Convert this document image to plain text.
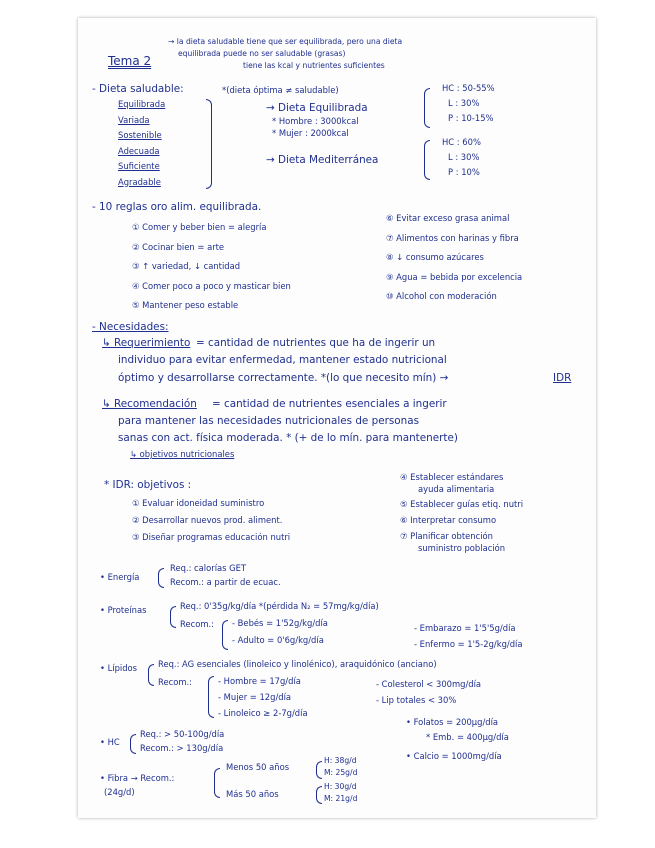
Tema 2
→ la dieta saludable tiene que ser equilibrada, pero una dieta
equilibrada puede no ser saludable (grasas)
tiene las kcal y nutrientes suficientes
- Dieta saludable:	*(dieta óptima ≠ saludable)
Equilibrada
Variada
Sostenible
Adecuada
Suficiente
Agradable
→ Dieta Equilibrada
* Hombre : 3000kcal
* Mujer : 2000kcal
HC : 50-55%
L : 30%
P : 10-15%
→ Dieta Mediterránea
HC : 60%
L : 30%
P : 10%
- 10 reglas oro alim. equilibrada.
① Comer y beber bien = alegría
② Cocinar bien = arte
③ ↑ variedad, ↓ cantidad
④ Comer poco a poco y masticar bien
⑤ Mantener peso estable
⑥ Evitar exceso grasa animal
⑦ Alimentos con harinas y fibra
⑧ ↓ consumo azúcares
⑨ Agua = bebida por excelencia
⑩ Alcohol con moderación
- Necesidades:
↳ Requerimiento = cantidad de nutrientes que ha de ingerir un
individuo para evitar enfermedad, mantener estado nutricional
óptimo y desarrollarse correctamente. *(lo que necesito mín) →	IDR
↳ Recomendación = cantidad de nutrientes esenciales a ingerir
para mantener las necesidades nutricionales de personas
sanas con act. física moderada. * (+ de lo mín. para mantenerte)
↳ objetivos nutricionales
* IDR: objetivos :
① Evaluar idoneidad suministro
② Desarrollar nuevos prod. aliment.
③ Diseñar programas educación nutri
④ Establecer estándares
ayuda alimentaria
⑤ Establecer guías etiq. nutri
⑥ Interpretar consumo
⑦ Planificar obtención
suministro población
• Energía
Req.: calorías GET
Recom.: a partir de ecuac.
• Proteínas	Req.: 0'35g/kg/día *(pérdida N₂ = 57mg/kg/día)
Recom.: - Bebés = 1'52g/kg/día
- Adulto = 0'6g/kg/día
- Embarazo = 1'5'5g/día
- Enfermo = 1'5-2g/kg/día
• Lípidos Req.: AG esenciales (linoleico y linolénico), araquidónico (anciano)
Recom.:	- Hombre = 17g/día
- Mujer = 12g/día
- Linoleico ≥ 2-7g/día
- Colesterol < 300mg/día
- Lip totales < 30%
• HC
Req.: > 50-100g/día
Recom.: > 130g/día
• Folatos = 200μg/día
* Emb. = 400μg/día
• Calcio = 1000mg/día
• Fibra → Recom.:
(24g/d)
Menos 50 años
H: 38g/d
M: 25g/d
Más 50 años
H: 30g/d
M: 21g/d
